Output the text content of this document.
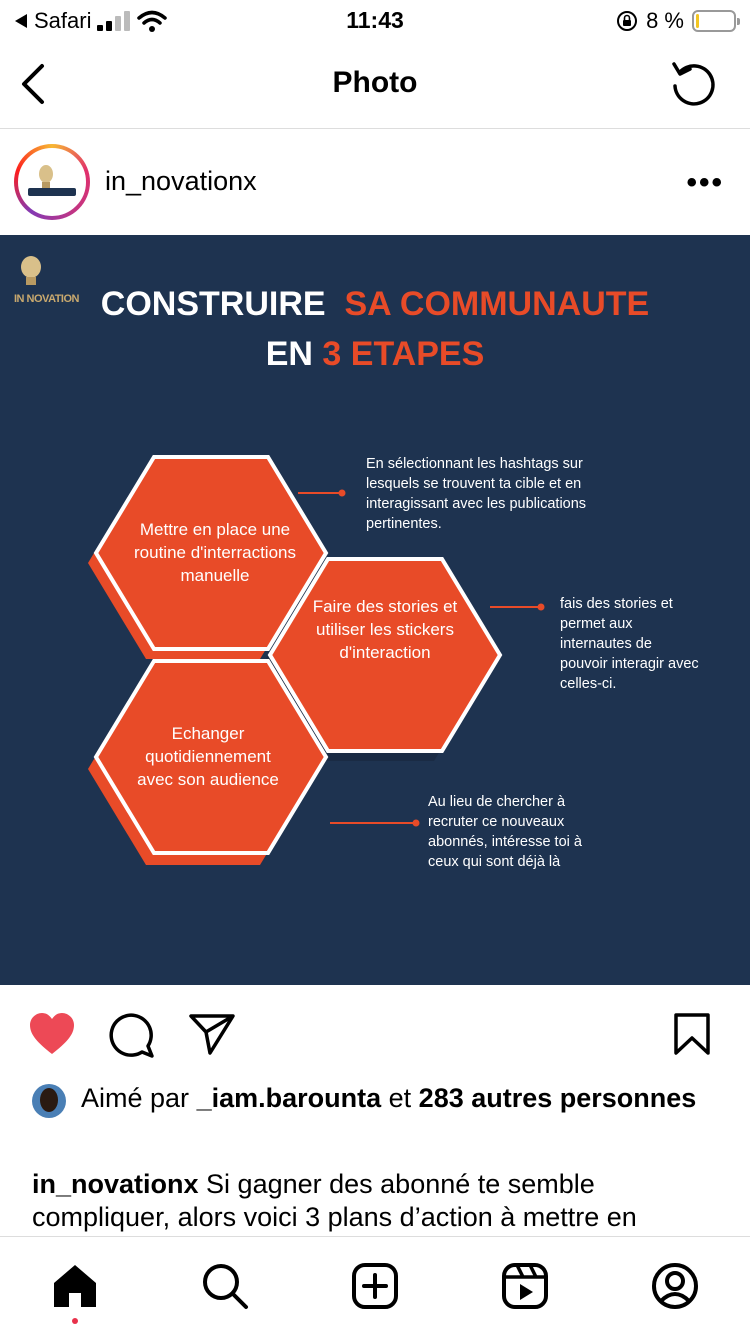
Safari	11:43	8 %
Photo
in_novationx	•••
IN NOVATION CONSTRUIRE SA COMMUNAUTE
EN 3 ETAPES
Mettre en place une routine d'interractions manuelle
Faire des stories et utiliser les stickers d'interaction
Echanger quotidiennement avec son audience
En sélectionnant les hashtags sur lesquels se trouvent ta cible et en interagissant avec les publications pertinentes.
fais des stories et permet aux internautes de pouvoir interagir avec celles-ci.
Au lieu de chercher à recruter ce nouveaux abonnés, intéresse toi à ceux qui sont déjà là
Aimé par _iam.barounta et 283 autres personnes
in_novationx Si gagner des abonné te semble compliquer, alors voici 3 plans d’action à mettre en
